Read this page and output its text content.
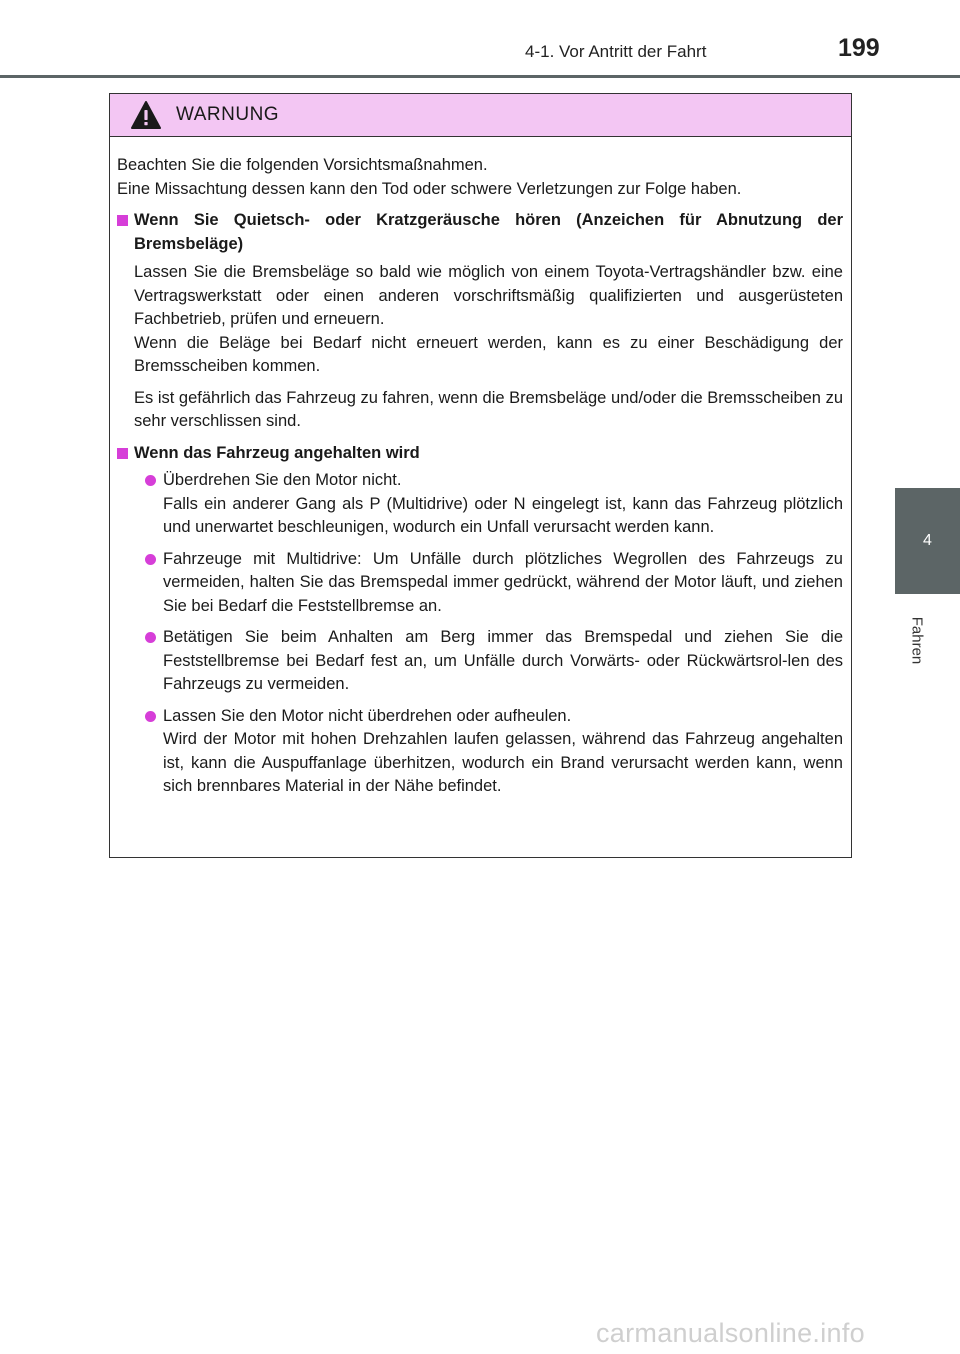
4-1. Vor Antritt der Fahrt	199
4
Fahren
WARNUNG

Beachten Sie die folgenden Vorsichtsmaßnahmen.

Eine Missachtung dessen kann den Tod oder schwere Verletzungen zur Folge haben.

Wenn Sie Quietsch- oder Kratzgeräusche hören (Anzeichen für Abnutzung der Bremsbeläge)

Lassen Sie die Bremsbeläge so bald wie möglich von einem Toyota-Vertragshändler bzw. eine Vertragswerkstatt oder einen anderen vorschriftsmäßig qualifizierten und ausgerüsteten Fachbetrieb, prüfen und erneuern.

Wenn die Beläge bei Bedarf nicht erneuert werden, kann es zu einer Beschädigung der Bremsscheiben kommen.

Es ist gefährlich das Fahrzeug zu fahren, wenn die Bremsbeläge und/oder die Bremsscheiben zu sehr verschlissen sind.

Wenn das Fahrzeug angehalten wird
Überdrehen Sie den Motor nicht.
Falls ein anderer Gang als P (Multidrive) oder N eingelegt ist, kann das Fahrzeug plötzlich und unerwartet beschleunigen, wodurch ein Unfall verursacht werden kann.
Fahrzeuge mit Multidrive: Um Unfälle durch plötzliches Wegrollen des Fahrzeugs zu vermeiden, halten Sie das Bremspedal immer gedrückt, während der Motor läuft, und ziehen Sie bei Bedarf die Feststellbremse an.
Betätigen Sie beim Anhalten am Berg immer das Bremspedal und ziehen Sie die Feststellbremse bei Bedarf fest an, um Unfälle durch Vorwärts- oder Rückwärtsrol-len des Fahrzeugs zu vermeiden.
Lassen Sie den Motor nicht überdrehen oder aufheulen.
Wird der Motor mit hohen Drehzahlen laufen gelassen, während das Fahrzeug angehalten ist, kann die Auspuffanlage überhitzen, wodurch ein Brand verursacht werden kann, wenn sich brennbares Material in der Nähe befindet.
carmanualsonline.info
